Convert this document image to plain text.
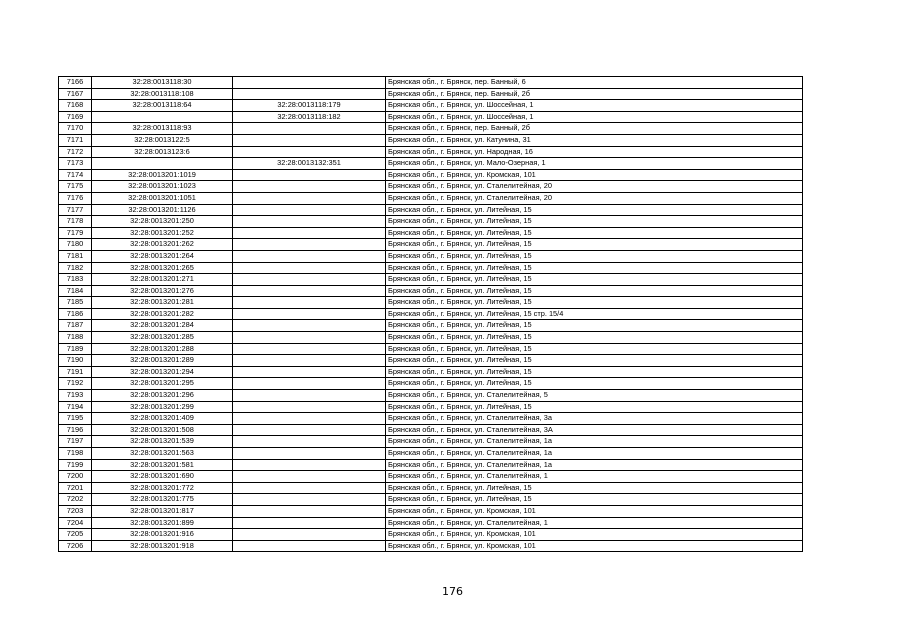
7166	32:28:0013118:30		Брянская обл., г. Брянск, пер. Банный, 6
7167	32:28:0013118:108		Брянская обл., г. Брянск, пер. Банный, 2б
7168	32:28:0013118:64	32:28:0013118:179	Брянская обл., г. Брянск, ул. Шоссейная, 1
7169		32:28:0013118:182	Брянская обл., г. Брянск, ул. Шоссейная, 1
7170	32:28:0013118:93		Брянская обл., г. Брянск, пер. Банный, 2б
7171	32:28:0013122:5		Брянская обл., г. Брянск, ул. Катунина, 31
7172	32:28:0013123:6		Брянская обл., г. Брянск, ул. Народная, 16
7173		32:28:0013132:351	Брянская обл., г. Брянск, ул. Мало-Озерная, 1
7174	32:28:0013201:1019		Брянская обл., г. Брянск, ул. Кромская, 101
7175	32:28:0013201:1023		Брянская обл., г. Брянск, ул. Сталелитейная, 20
7176	32:28:0013201:1051		Брянская обл., г. Брянск, ул. Сталелитейная, 20
7177	32:28:0013201:1126		Брянская обл., г. Брянск, ул. Литейная, 15
7178	32:28:0013201:250		Брянская обл., г. Брянск, ул. Литейная, 15
7179	32:28:0013201:252		Брянская обл., г. Брянск, ул. Литейная, 15
7180	32:28:0013201:262		Брянская обл., г. Брянск, ул. Литейная, 15
7181	32:28:0013201:264		Брянская обл., г. Брянск, ул. Литейная, 15
7182	32:28:0013201:265		Брянская обл., г. Брянск, ул. Литейная, 15
7183	32:28:0013201:271		Брянская обл., г. Брянск, ул. Литейная, 15
7184	32:28:0013201:276		Брянская обл., г. Брянск, ул. Литейная, 15
7185	32:28:0013201:281		Брянская обл., г. Брянск, ул. Литейная, 15
7186	32:28:0013201:282		Брянская обл., г. Брянск, ул. Литейная, 15 стр. 15/4
7187	32:28:0013201:284		Брянская обл., г. Брянск, ул. Литейная, 15
7188	32:28:0013201:285		Брянская обл., г. Брянск, ул. Литейная, 15
7189	32:28:0013201:288		Брянская обл., г. Брянск, ул. Литейная, 15
7190	32:28:0013201:289		Брянская обл., г. Брянск, ул. Литейная, 15
7191	32:28:0013201:294		Брянская обл., г. Брянск, ул. Литейная, 15
7192	32:28:0013201:295		Брянская обл., г. Брянск, ул. Литейная, 15
7193	32:28:0013201:296		Брянская обл., г. Брянск, ул. Сталелитейная, 5
7194	32:28:0013201:299		Брянская обл., г. Брянск, ул. Литейная, 15
7195	32:28:0013201:409		Брянская обл., г. Брянск, ул. Сталелитейная, 3а
7196	32:28:0013201:508		Брянская обл., г. Брянск, ул. Сталелитейная, 3А
7197	32:28:0013201:539		Брянская обл., г. Брянск, ул. Сталелитейная, 1а
7198	32:28:0013201:563		Брянская обл., г. Брянск, ул. Сталелитейная, 1а
7199	32:28:0013201:581		Брянская обл., г. Брянск, ул. Сталелитейная, 1а
7200	32:28:0013201:690		Брянская обл., г. Брянск, ул. Сталелитейная, 1
7201	32:28:0013201:772		Брянская обл., г. Брянск, ул. Литейная, 15
7202	32:28:0013201:775		Брянская обл., г. Брянск, ул. Литейная, 15
7203	32:28:0013201:817		Брянская обл., г. Брянск, ул. Кромская, 101
7204	32:28:0013201:899		Брянская обл., г. Брянск, ул. Сталелитейная, 1
7205	32:28:0013201:916		Брянская обл., г. Брянск, ул. Кромская, 101
7206	32:28:0013201:918		Брянская обл., г. Брянск, ул. Кромская, 101
176
